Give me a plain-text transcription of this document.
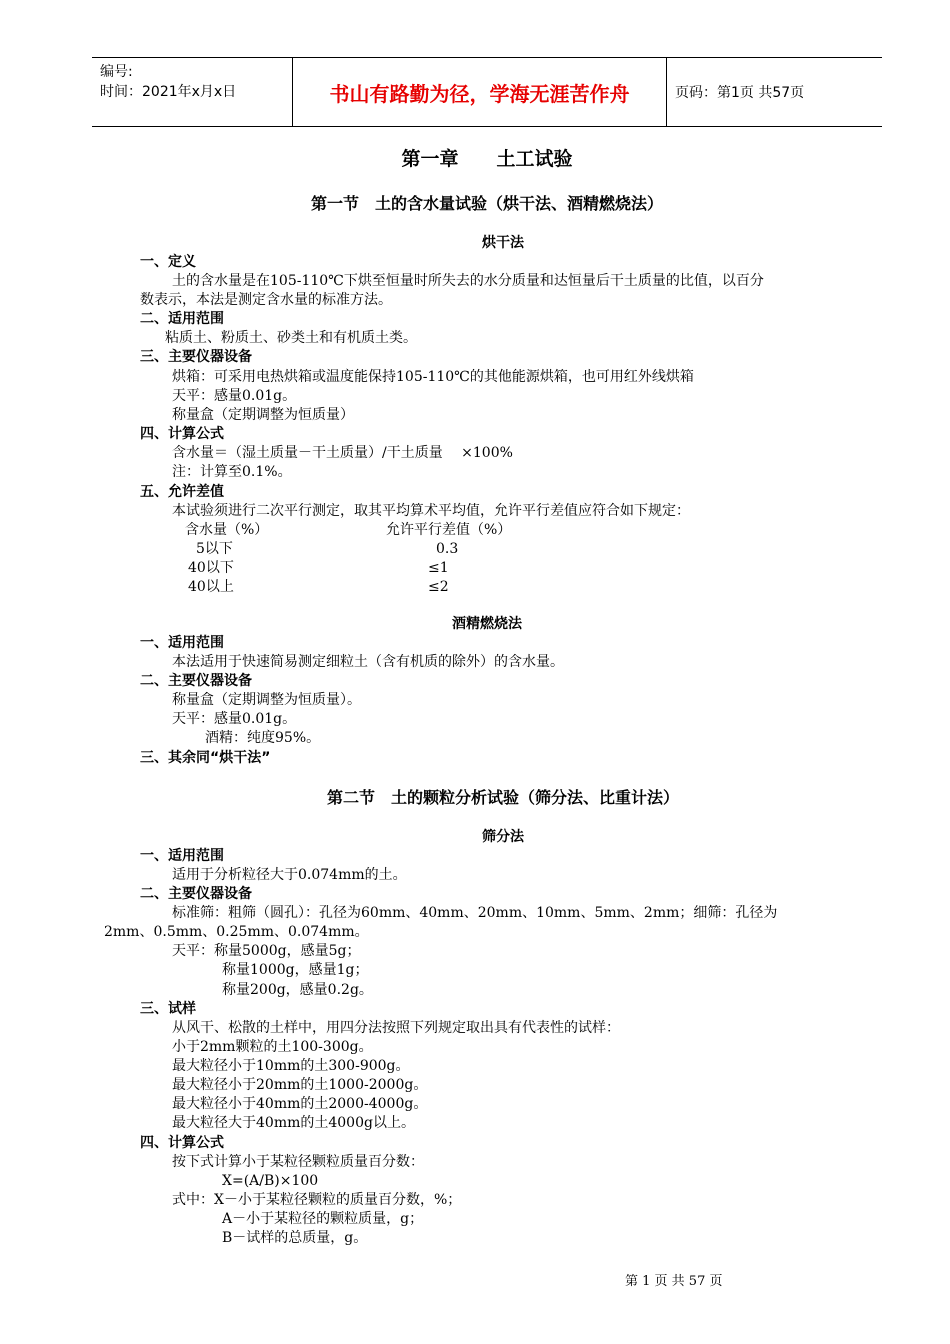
编号:
时间：2021年x月x日	书山有路勤为径，学海无涯苦作舟	页码：第1页 共57页
第一章　　土工试验
第一节　土的含水量试验（烘干法、酒精燃烧法）
烘干法
一、定义
土的含水量是在105-110℃下烘至恒量时所失去的水分质量和达恒量后干土质量的比值，以百分
数表示，本法是测定含水量的标准方法。
二、适用范围
粘质土、粉质土、砂类土和有机质土类。
三、主要仪器设备
烘箱：可采用电热烘箱或温度能保持105-110℃的其他能源烘箱，也可用红外线烘箱
天平：感量0.01g。
称量盒（定期调整为恒质量）
四、计算公式
含水量＝（湿土质量－干土质量）/干土质量　 ×100%
注：计算至0.1%。
五、允许差值
本试验须进行二次平行测定，取其平均算术平均值，允许平行差值应符合如下规定：
含水量（%）	允许平行差值（%）
5以下	0.3
40以下	≤1
40以上	≤2
酒精燃烧法
一、适用范围
本法适用于快速简易测定细粒土（含有机质的除外）的含水量。
二、主要仪器设备
称量盒（定期调整为恒质量）。
天平：感量0.01g。
酒精：纯度95%。
三、其余同“烘干法”
第二节　土的颗粒分析试验（筛分法、比重计法）
筛分法
一、适用范围
适用于分析粒径大于0.074mm的土。
二、主要仪器设备
标准筛：粗筛（圆孔）：孔径为60mm、40mm、20mm、10mm、5mm、2mm；细筛：孔径为
2mm、0.5mm、0.25mm、0.074mm。
天平：称量5000g，感量5g；
称量1000g，感量1g；
称量200g，感量0.2g。
三、试样
从风干、松散的土样中，用四分法按照下列规定取出具有代表性的试样：
小于2mm颗粒的土100-300g。
最大粒径小于10mm的土300-900g。
最大粒径小于20mm的土1000-2000g。
最大粒径小于40mm的土2000-4000g。
最大粒径大于40mm的土4000g以上。
四、计算公式
按下式计算小于某粒径颗粒质量百分数：
X=(A/B)×100
式中：X－小于某粒径颗粒的质量百分数，%；
A－小于某粒径的颗粒质量，g；
B－试样的总质量，g。
第 1 页 共 57 页
